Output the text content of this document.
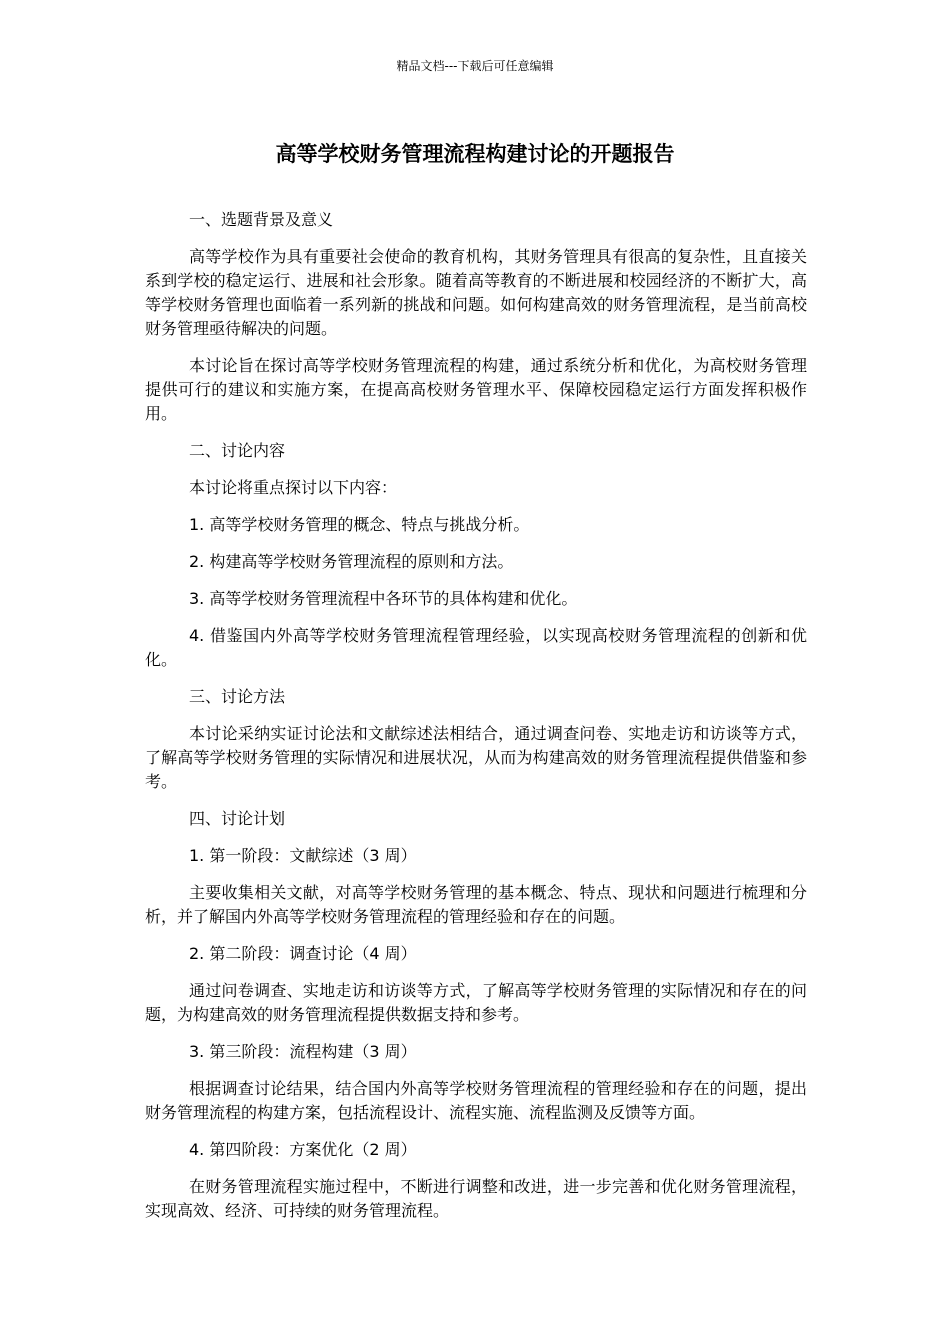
精品文档---下载后可任意编辑
高等学校财务管理流程构建讨论的开题报告

一、选题背景及意义

高等学校作为具有重要社会使命的教育机构，其财务管理具有很高的复杂性，且直接关系到学校的稳定运行、进展和社会形象。随着高等教育的不断进展和校园经济的不断扩大，高等学校财务管理也面临着一系列新的挑战和问题。如何构建高效的财务管理流程，是当前高校财务管理亟待解决的问题。

本讨论旨在探讨高等学校财务管理流程的构建，通过系统分析和优化，为高校财务管理提供可行的建议和实施方案，在提高高校财务管理水平、保障校园稳定运行方面发挥积极作用。

二、讨论内容

本讨论将重点探讨以下内容：

1. 高等学校财务管理的概念、特点与挑战分析。

2. 构建高等学校财务管理流程的原则和方法。

3. 高等学校财务管理流程中各环节的具体构建和优化。

4. 借鉴国内外高等学校财务管理流程管理经验，以实现高校财务管理流程的创新和优化。

三、讨论方法

本讨论采纳实证讨论法和文献综述法相结合，通过调查问卷、实地走访和访谈等方式，了解高等学校财务管理的实际情况和进展状况，从而为构建高效的财务管理流程提供借鉴和参考。

四、讨论计划

1. 第一阶段：文献综述（3 周）

主要收集相关文献，对高等学校财务管理的基本概念、特点、现状和问题进行梳理和分析，并了解国内外高等学校财务管理流程的管理经验和存在的问题。

2. 第二阶段：调查讨论（4 周）

通过问卷调查、实地走访和访谈等方式，了解高等学校财务管理的实际情况和存在的问题，为构建高效的财务管理流程提供数据支持和参考。

3. 第三阶段：流程构建（3 周）

根据调查讨论结果，结合国内外高等学校财务管理流程的管理经验和存在的问题，提出财务管理流程的构建方案，包括流程设计、流程实施、流程监测及反馈等方面。

4. 第四阶段：方案优化（2 周）

在财务管理流程实施过程中，不断进行调整和改进，进一步完善和优化财务管理流程，实现高效、经济、可持续的财务管理流程。
